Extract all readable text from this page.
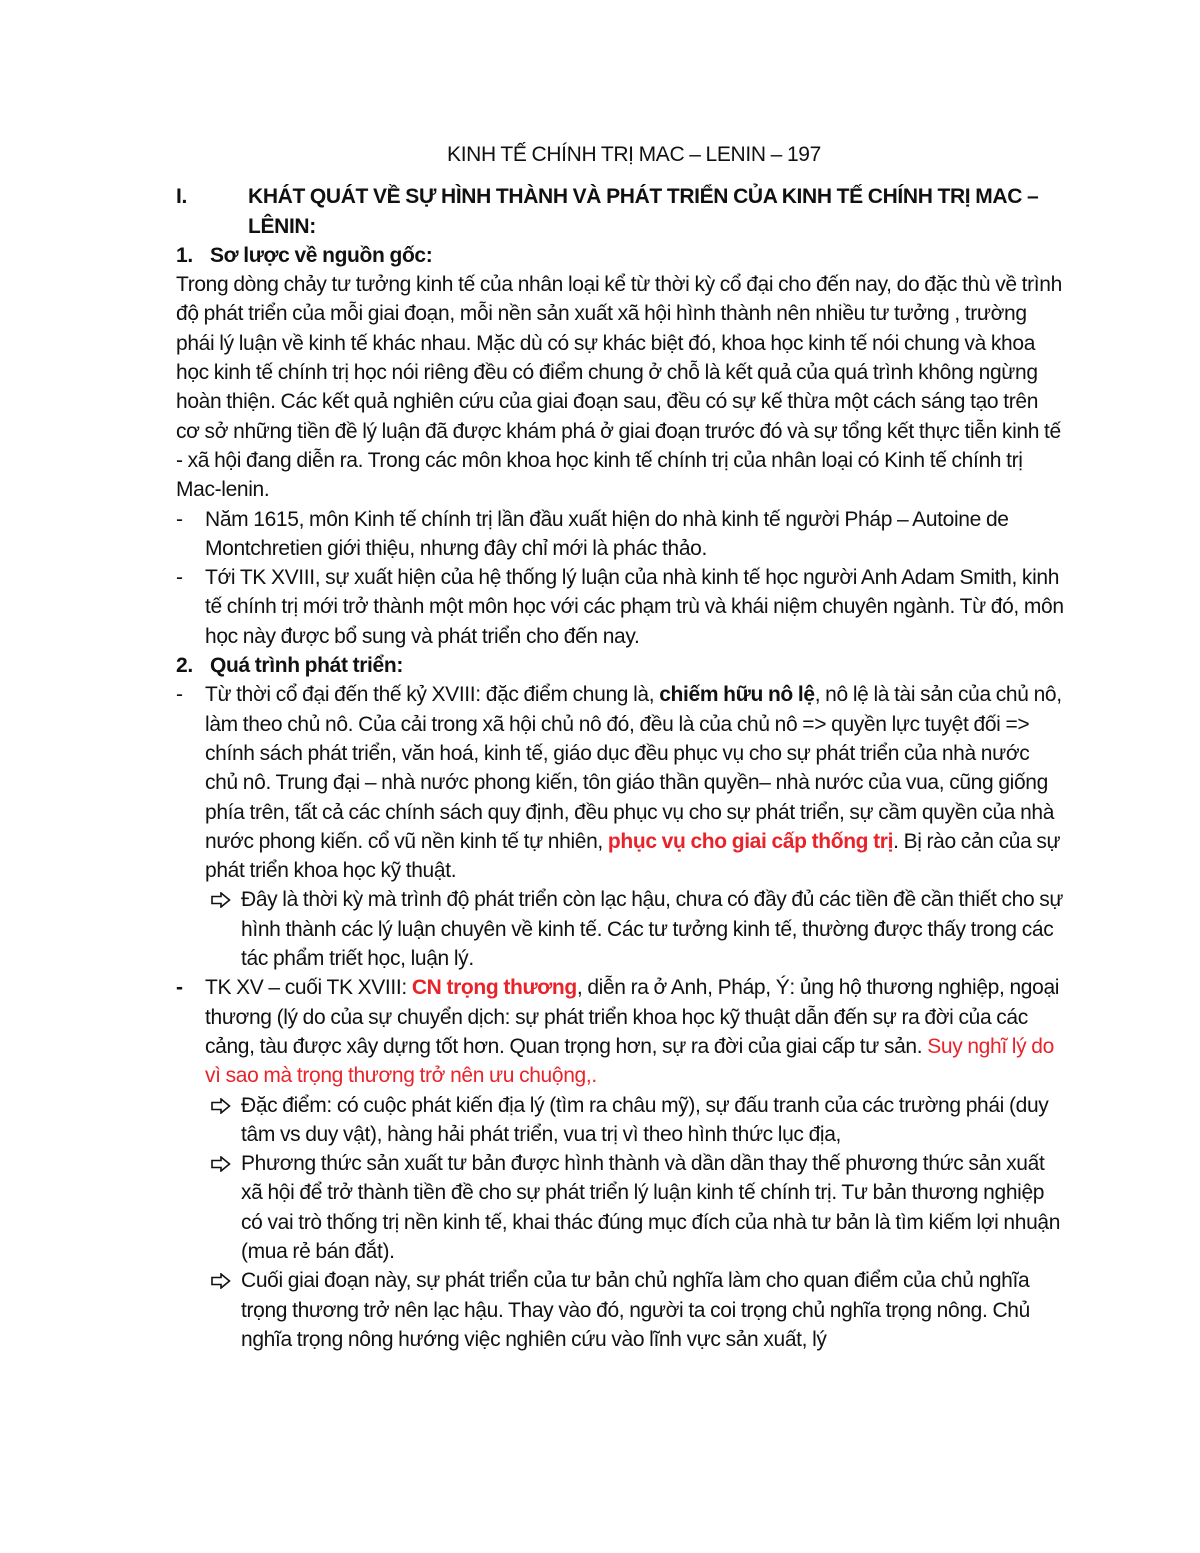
KINH TẾ CHÍNH TRỊ MAC – LENIN – 197
I.	KHÁT QUÁT VỀ SỰ HÌNH THÀNH VÀ PHÁT TRIỂN CỦA KINH TẾ CHÍNH TRỊ MAC – LÊNIN:
1. Sơ lược về nguồn gốc:

Trong dòng chảy tư tưởng kinh tế của nhân loại kể từ thời kỳ cổ đại cho đến nay, do đặc thù về trình độ phát triển của mỗi giai đoạn, mỗi nền sản xuất xã hội hình thành nên nhiều tư tưởng , trường phái lý luận về kinh tế khác nhau. Mặc dù có sự khác biệt đó, khoa học kinh tế nói chung và khoa học kinh tế chính trị học nói riêng đều có điểm chung ở chỗ là kết quả của quá trình không ngừng hoàn thiện. Các kết quả nghiên cứu của giai đoạn sau, đều có sự kế thừa một cách sáng tạo trên cơ sở những tiền đề lý luận đã được khám phá ở giai đoạn trước đó và sự tổng kết thực tiễn kinh tế - xã hội đang diễn ra. Trong các môn khoa học kinh tế chính trị của nhân loại có Kinh tế chính trị Mac-lenin.

-	Năm 1615, môn Kinh tế chính trị lần đầu xuất hiện do nhà kinh tế người Pháp – Autoine de Montchretien giới thiệu, nhưng đây chỉ mới là phác thảo.
-	Tới TK XVIII, sự xuất hiện của hệ thống lý luận của nhà kinh tế học người Anh Adam Smith, kinh tế chính trị mới trở thành một môn học với các phạm trù và khái niệm chuyên ngành. Từ đó, môn học này được bổ sung và phát triển cho đến nay.
2. Quá trình phát triển:
-	Từ thời cổ đại đến thế kỷ XVIII: đặc điểm chung là, chiếm hữu nô lệ, nô lệ là tài sản của chủ nô, làm theo chủ nô. Của cải trong xã hội chủ nô đó, đều là của chủ nô => quyền lực tuyệt đối => chính sách phát triển, văn hoá, kinh tế, giáo dục đều phục vụ cho sự phát triển của nhà nước chủ nô. Trung đại – nhà nước phong kiến, tôn giáo thần quyền– nhà nước của vua, cũng giống phía trên, tất cả các chính sách quy định, đều phục vụ cho sự phát triển, sự cầm quyền của nhà nước phong kiến. cổ vũ nền kinh tế tự nhiên, phục vụ cho giai cấp thống trị. Bị rào cản của sự phát triển khoa học kỹ thuật.
Đây là thời kỳ mà trình độ phát triển còn lạc hậu, chưa có đầy đủ các tiền đề cần thiết cho sự hình thành các lý luận chuyên về kinh tế. Các tư tưởng kinh tế, thường được thấy trong các tác phẩm triết học, luận lý.
-	TK XV – cuối TK XVIII: CN trọng thương, diễn ra ở Anh, Pháp, Ý: ủng hộ thương nghiệp, ngoại thương (lý do của sự chuyển dịch: sự phát triển khoa học kỹ thuật dẫn đến sự ra đời của các cảng, tàu được xây dựng tốt hơn. Quan trọng hơn, sự ra đời của giai cấp tư sản. Suy nghĩ lý do vì sao mà trọng thương trở nên ưu chuộng,.
Đặc điểm: có cuộc phát kiến địa lý (tìm ra châu mỹ), sự đấu tranh của các trường phái (duy tâm vs duy vật), hàng hải phát triển, vua trị vì theo hình thức lục địa,
Phương thức sản xuất tư bản được hình thành và dần dần thay thế phương thức sản xuất xã hội để trở thành tiền đề cho sự phát triển lý luận kinh tế chính trị. Tư bản thương nghiệp có vai trò thống trị nền kinh tế, khai thác đúng mục đích của nhà tư bản là tìm kiếm lợi nhuận (mua rẻ bán đắt).
Cuối giai đoạn này, sự phát triển của tư bản chủ nghĩa làm cho quan điểm của chủ nghĩa trọng thương trở nên lạc hậu. Thay vào đó, người ta coi trọng chủ nghĩa trọng nông. Chủ nghĩa trọng nông hướng việc nghiên cứu vào lĩnh vực sản xuất, lý
